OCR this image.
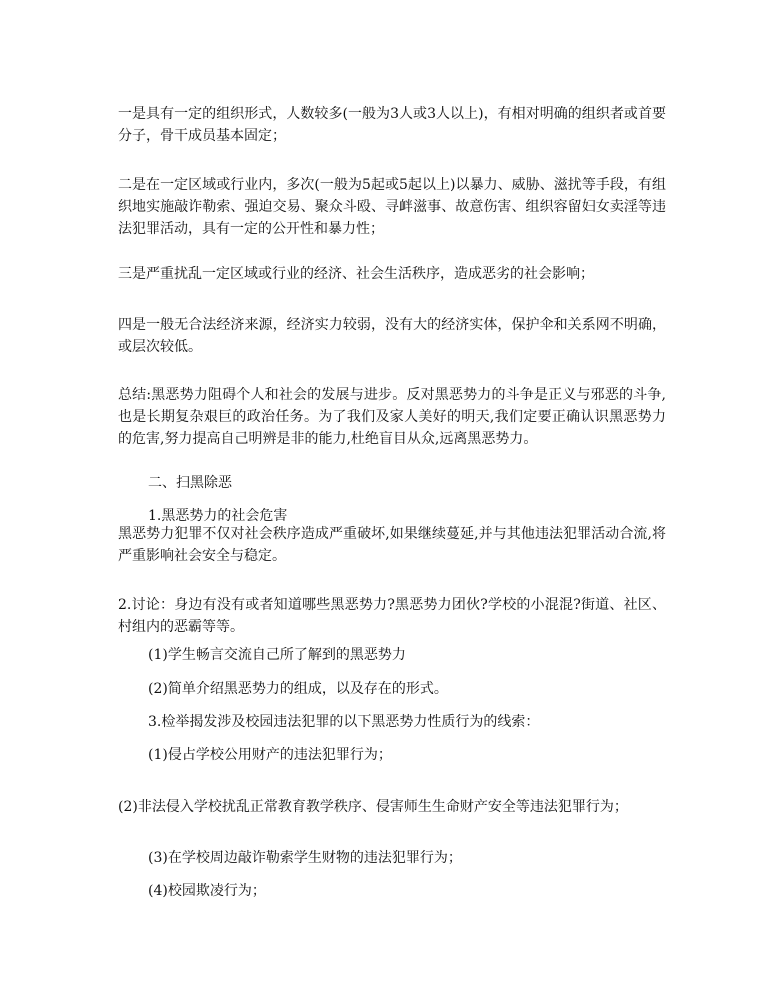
一是具有一定的组织形式，人数较多(一般为3人或3人以上)，有相对明确的组织者或首要分子，骨干成员基本固定；

二是在一定区域或行业内，多次(一般为5起或5起以上)以暴力、威胁、滋扰等手段，有组织地实施敲诈勒索、强迫交易、聚众斗殴、寻衅滋事、故意伤害、组织容留妇女卖淫等违法犯罪活动，具有一定的公开性和暴力性；

三是严重扰乱一定区域或行业的经济、社会生活秩序，造成恶劣的社会影响；

四是一般无合法经济来源，经济实力较弱，没有大的经济实体，保护伞和关系网不明确，或层次较低。

总结:黑恶势力阻碍个人和社会的发展与进步。反对黑恶势力的斗争是正义与邪恶的斗争,也是长期复杂艰巨的政治任务。为了我们及家人美好的明天,我们定要正确认识黑恶势力的危害,努力提高自己明辨是非的能力,杜绝盲目从众,远离黑恶势力。

二、扫黑除恶

1.黑恶势力的社会危害

黑恶势力犯罪不仅对社会秩序造成严重破坏,如果继续蔓延,并与其他违法犯罪活动合流,将严重影响社会安全与稳定。

2.讨论：身边有没有或者知道哪些黑恶势力?黑恶势力团伙?学校的小混混?街道、社区、村组内的恶霸等等。

(1)学生畅言交流自己所了解到的黑恶势力

(2)简单介绍黑恶势力的组成，以及存在的形式。

3.检举揭发涉及校园违法犯罪的以下黑恶势力性质行为的线索：

(1)侵占学校公用财产的违法犯罪行为；

(2)非法侵入学校扰乱正常教育教学秩序、侵害师生生命财产安全等违法犯罪行为；

(3)在学校周边敲诈勒索学生财物的违法犯罪行为；

(4)校园欺凌行为；
